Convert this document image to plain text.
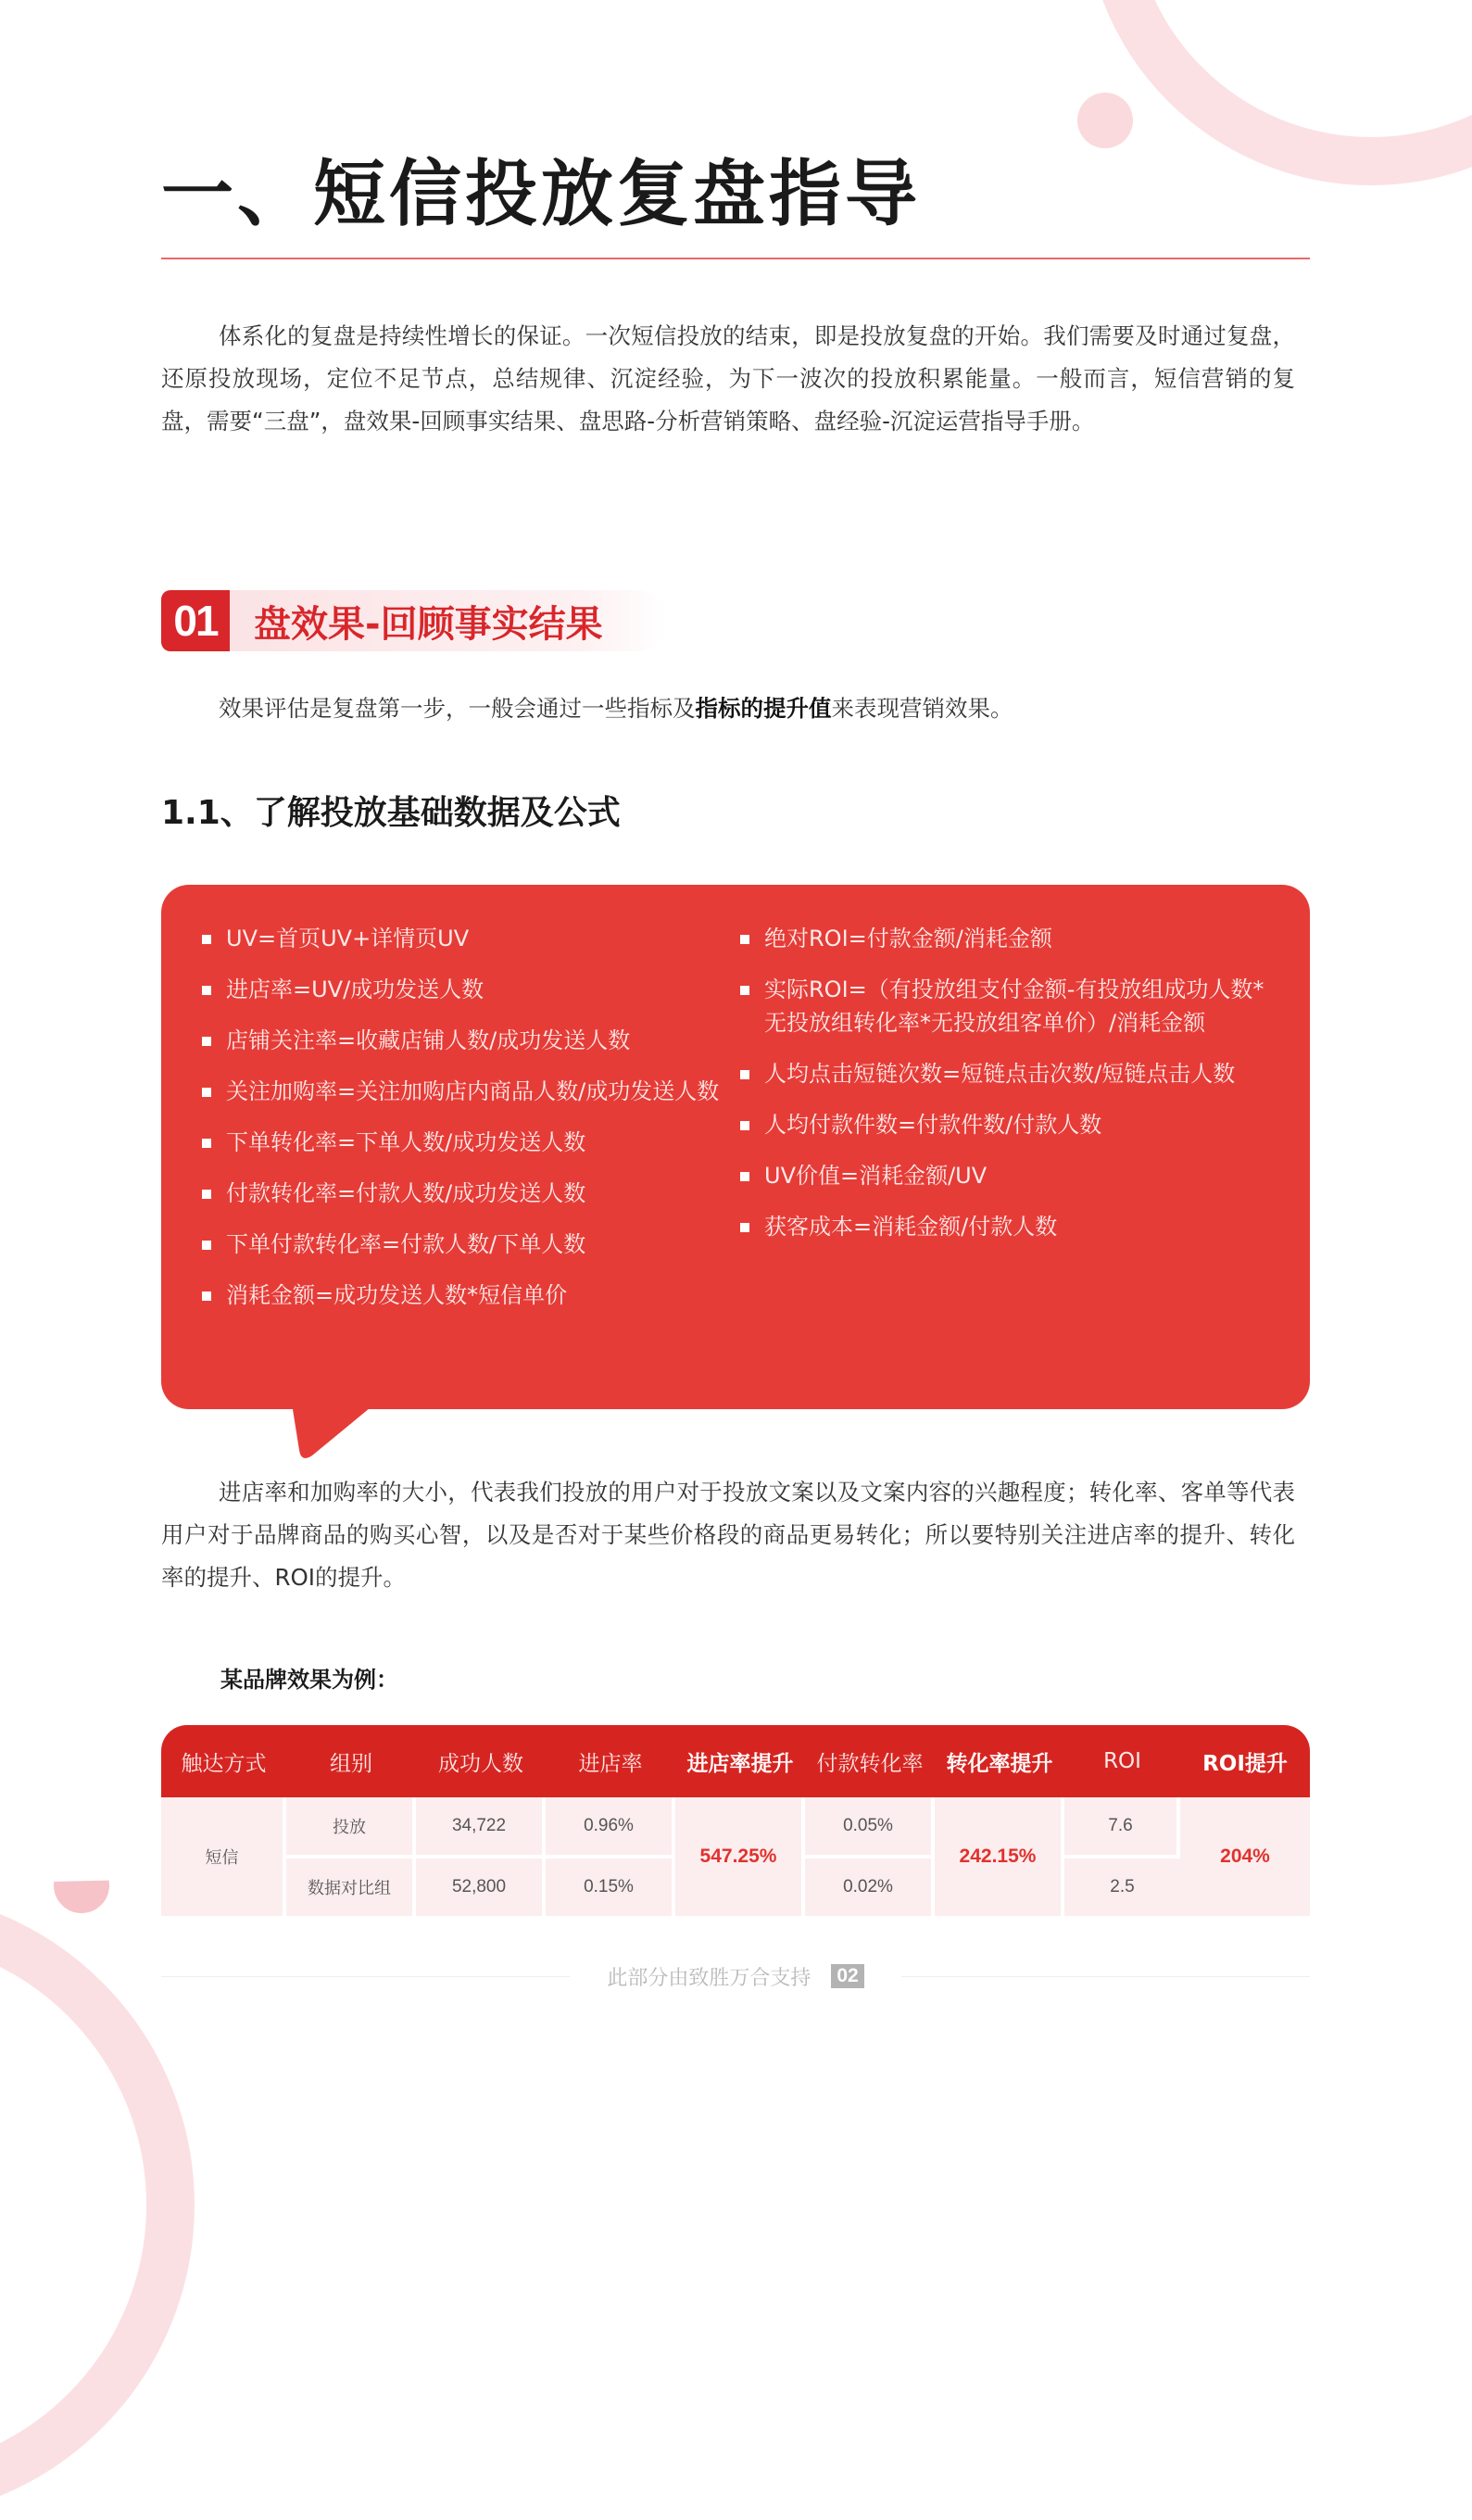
一、短信投放复盘指导

体系化的复盘是持续性增长的保证。一次短信投放的结束，即是投放复盘的开始。我们需要及时通过复盘，还原投放现场，定位不足节点，总结规律、沉淀经验，为下一波次的投放积累能量。一般而言，短信营销的复盘，需要“三盘”，盘效果-回顾事实结果、盘思路-分析营销策略、盘经验-沉淀运营指导手册。

01 盘效果-回顾事实结果

效果评估是复盘第一步，一般会通过一些指标及指标的提升值来表现营销效果。

1.1、了解投放基础数据及公式
UV=首页UV+详情页UV
进店率=UV/成功发送人数
店铺关注率=收藏店铺人数/成功发送人数
关注加购率=关注加购店内商品人数/成功发送人数
下单转化率=下单人数/成功发送人数
付款转化率=付款人数/成功发送人数
下单付款转化率=付款人数/下单人数
消耗金额=成功发送人数*短信单价
绝对ROI=付款金额/消耗金额
实际ROI=（有投放组支付金额-有投放组成功人数*无投放组转化率*无投放组客单价）/消耗金额
人均点击短链次数=短链点击次数/短链点击人数
人均付款件数=付款件数/付款人数
UV价值=消耗金额/UV
获客成本=消耗金额/付款人数

进店率和加购率的大小，代表我们投放的用户对于投放文案以及文案内容的兴趣程度；转化率、客单等代表用户对于品牌商品的购买心智，以及是否对于某些价格段的商品更易转化；所以要特别关注进店率的提升、转化率的提升、ROI的提升。

某品牌效果为例：
触达方式	组别	成功人数	进店率	进店率提升	付款转化率	转化率提升	ROI	ROI提升
短信	投放	34,722	0.96%	547.25%	0.05%	242.15%	7.6	204%
	数据对比组	52,800	0.15%		0.02%		2.5	
此部分由致胜万合支持 02
